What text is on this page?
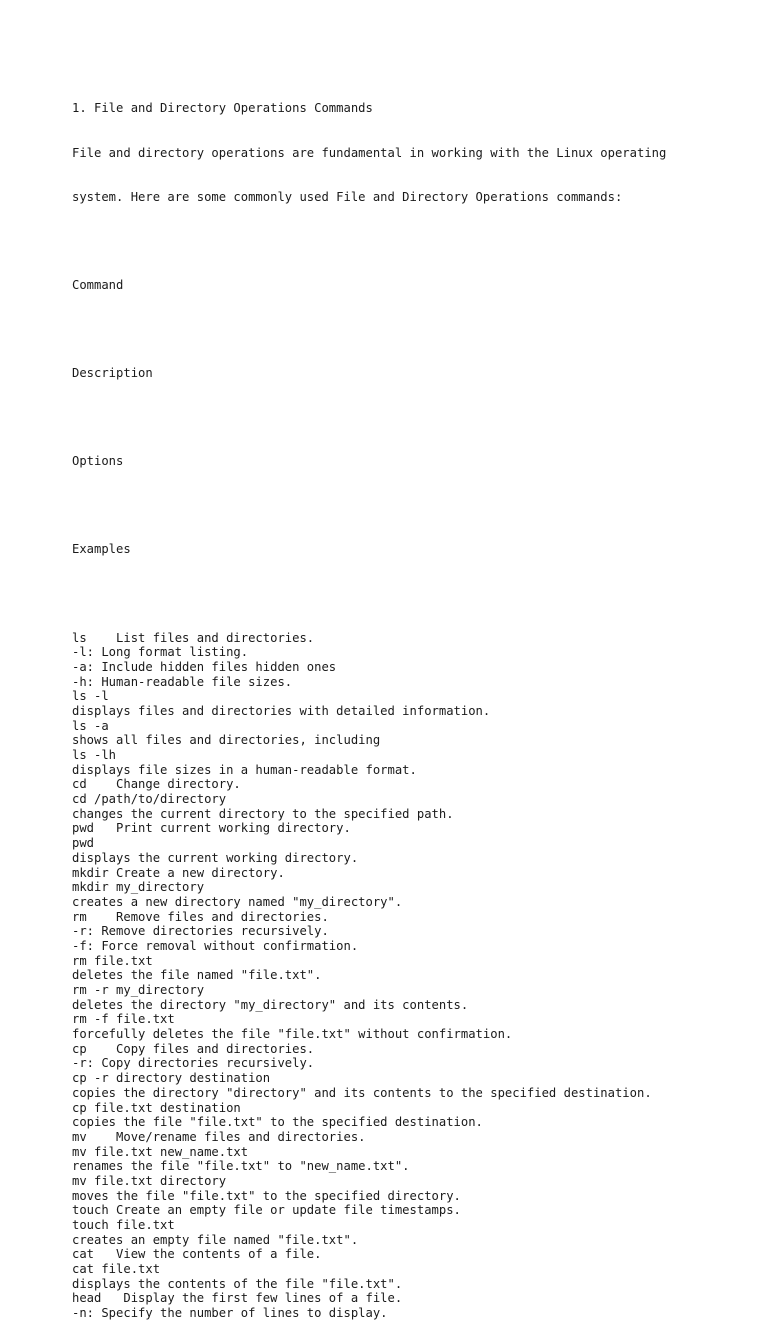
1. File and Directory Operations Commands

File and directory operations are fundamental in working with the Linux operating

system. Here are some commonly used File and Directory Operations commands:

Command

Description

Options

Examples

ls    List files and directories.
-l: Long format listing.
-a: Include hidden files hidden ones
-h: Human-readable file sizes.
ls -l
displays files and directories with detailed information.
ls -a
shows all files and directories, including
ls -lh
displays file sizes in a human-readable format.
cd    Change directory.
cd /path/to/directory
changes the current directory to the specified path.
pwd   Print current working directory.
pwd
displays the current working directory.
mkdir Create a new directory.
mkdir my_directory
creates a new directory named "my_directory".
rm    Remove files and directories.
-r: Remove directories recursively.
-f: Force removal without confirmation.
rm file.txt
deletes the file named "file.txt".
rm -r my_directory
deletes the directory "my_directory" and its contents.
rm -f file.txt
forcefully deletes the file "file.txt" without confirmation.
cp    Copy files and directories.
-r: Copy directories recursively.
cp -r directory destination
copies the directory "directory" and its contents to the specified destination.
cp file.txt destination
copies the file "file.txt" to the specified destination.
mv    Move/rename files and directories.
mv file.txt new_name.txt
renames the file "file.txt" to "new_name.txt".
mv file.txt directory
moves the file "file.txt" to the specified directory.
touch Create an empty file or update file timestamps.
touch file.txt
creates an empty file named "file.txt".
cat   View the contents of a file.
cat file.txt
displays the contents of the file "file.txt".
head   Display the first few lines of a file.
-n: Specify the number of lines to display.
